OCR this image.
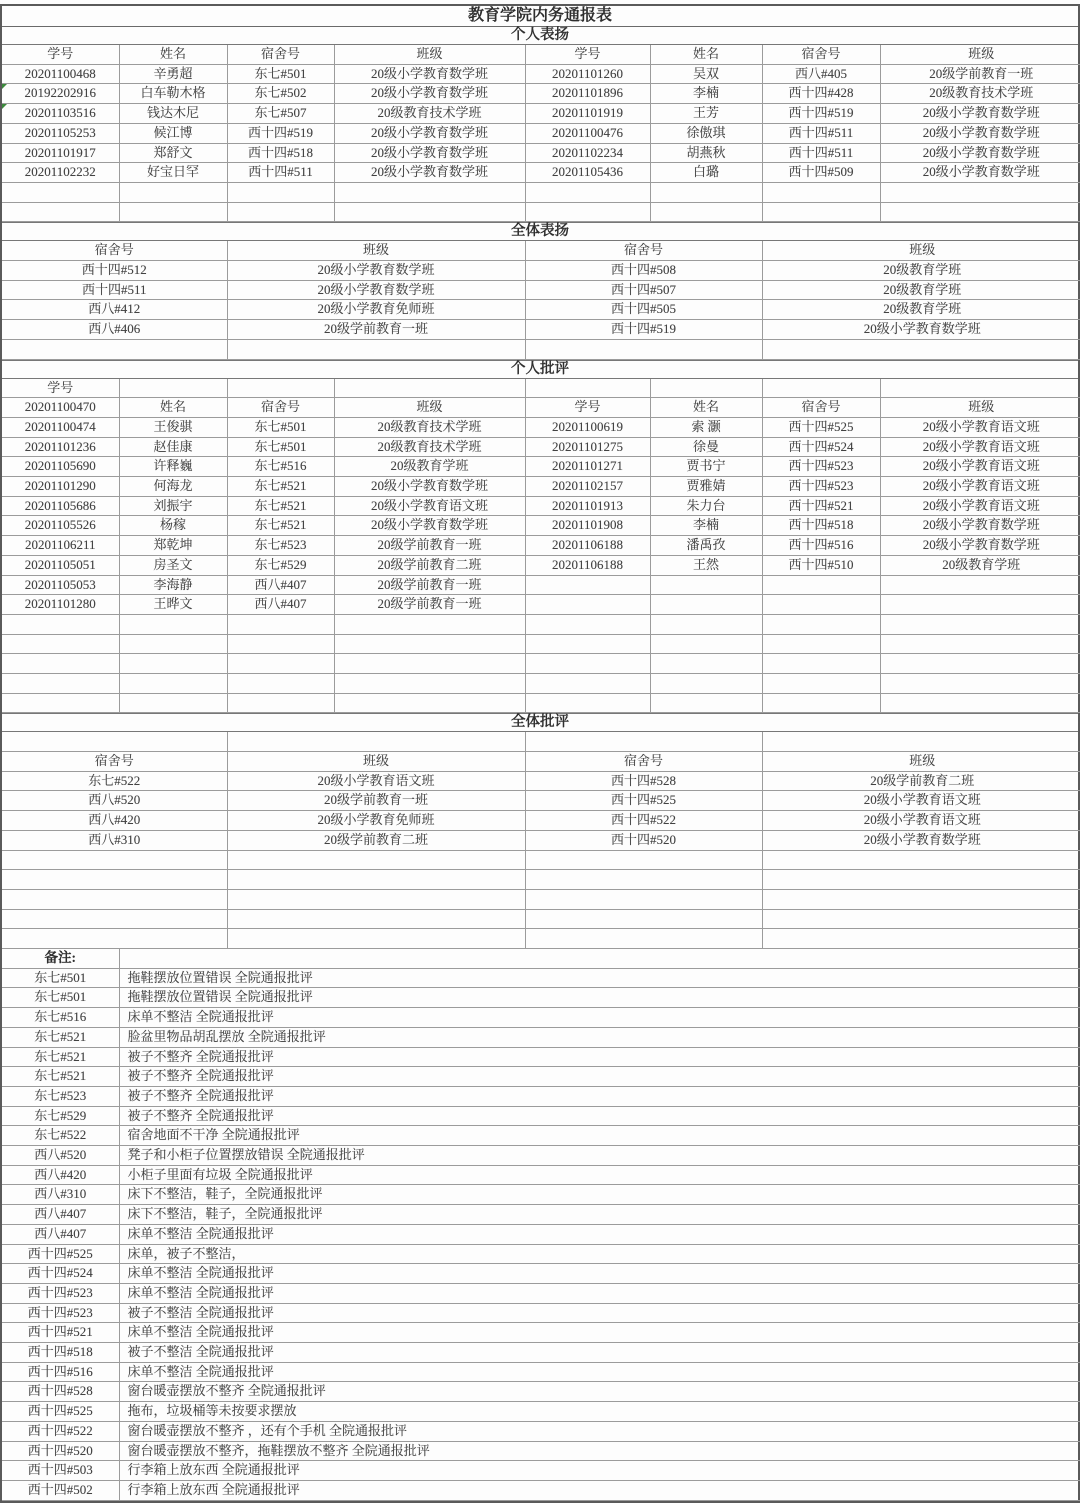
教育学院内务通报表
个人表扬
学号	姓名	宿舍号	班级	学号	姓名	宿舍号	班级
20201100468	辛勇超	东七#501	20级小学教育数学班	20201101260	吴双	西八#405	20级学前教育一班
20192202916	白车勒木格	东七#502	20级小学教育数学班	20201101896	李楠	西十四#428	20级教育技术学班
20201103516	钱达木尼	东七#507	20级教育技术学班	20201101919	王芳	西十四#519	20级小学教育数学班
20201105253	候江博	西十四#519	20级小学教育数学班	20201100476	徐傲琪	西十四#511	20级小学教育数学班
20201101917	郑舒文	西十四#518	20级小学教育数学班	20201102234	胡燕秋	西十四#511	20级小学教育数学班
20201102232	好宝日罕	西十四#511	20级小学教育数学班	20201105436	白璐	西十四#509	20级小学教育数学班

全体表扬
宿舍号	班级	宿舍号	班级
西十四#512	20级小学教育数学班	西十四#508	20级教育学班
西十四#511	20级小学教育数学班	西十四#507	20级教育学班
西八#412	20级小学教育免师班	西十四#505	20级教育学班
西八#406	20级学前教育一班	西十四#519	20级小学教育数学班

个人批评
学号							
20201100470	姓名	宿舍号	班级	学号	姓名	宿舍号	班级
20201100474	王俊骐	东七#501	20级教育技术学班	20201100619	索 灏	西十四#525	20级小学教育语文班
20201101236	赵佳康	东七#501	20级教育技术学班	20201101275	徐曼	西十四#524	20级小学教育语文班
20201105690	许释巍	东七#516	20级教育学班	20201101271	贾书宁	西十四#523	20级小学教育语文班
20201101290	何海龙	东七#521	20级小学教育数学班	20201102157	贾雅婧	西十四#523	20级小学教育语文班
20201105686	刘振宇	东七#521	20级小学教育语文班	20201101913	朱力台	西十四#521	20级小学教育语文班
20201105526	杨稼	东七#521	20级小学教育数学班	20201101908	李楠	西十四#518	20级小学教育数学班
20201106211	郑乾坤	东七#523	20级学前教育一班	20201106188	潘禹孜	西十四#516	20级小学教育数学班
20201105051	房圣文	东七#529	20级学前教育二班	20201106188	王然	西十四#510	20级教育学班
20201105053	李海静	西八#407	20级学前教育一班				
20201101280	王晔文	西八#407	20级学前教育一班				

全体批评

宿舍号	班级	宿舍号	班级
东七#522	20级小学教育语文班	西十四#528	20级学前教育二班
西八#520	20级学前教育一班	西十四#525	20级小学教育语文班
西八#420	20级小学教育免师班	西十四#522	20级小学教育语文班
西八#310	20级学前教育二班	西十四#520	20级小学教育数学班

备注:	
东七#501	拖鞋摆放位置错误 全院通报批评
东七#501	拖鞋摆放位置错误 全院通报批评
东七#516	床单不整洁 全院通报批评
东七#521	脸盆里物品胡乱摆放 全院通报批评
东七#521	被子不整齐 全院通报批评
东七#521	被子不整齐 全院通报批评
东七#523	被子不整齐 全院通报批评
东七#529	被子不整齐 全院通报批评
东七#522	宿舍地面不干净 全院通报批评
西八#520	凳子和小柜子位置摆放错误 全院通报批评
西八#420	小柜子里面有垃圾 全院通报批评
西八#310	床下不整洁，鞋子，全院通报批评
西八#407	床下不整洁，鞋子，全院通报批评
西八#407	床单不整洁 全院通报批评
西十四#525	床单，被子不整洁，
西十四#524	床单不整洁 全院通报批评
西十四#523	床单不整洁 全院通报批评
西十四#523	被子不整洁 全院通报批评
西十四#521	床单不整洁 全院通报批评
西十四#518	被子不整洁 全院通报批评
西十四#516	床单不整洁 全院通报批评
西十四#528	窗台暖壶摆放不整齐 全院通报批评
西十四#525	拖布，垃圾桶等未按要求摆放
西十四#522	窗台暖壶摆放不整齐 ，还有个手机 全院通报批评
西十四#520	窗台暖壶摆放不整齐，拖鞋摆放不整齐 全院通报批评
西十四#503	行李箱上放东西 全院通报批评
西十四#502	行李箱上放东西 全院通报批评
